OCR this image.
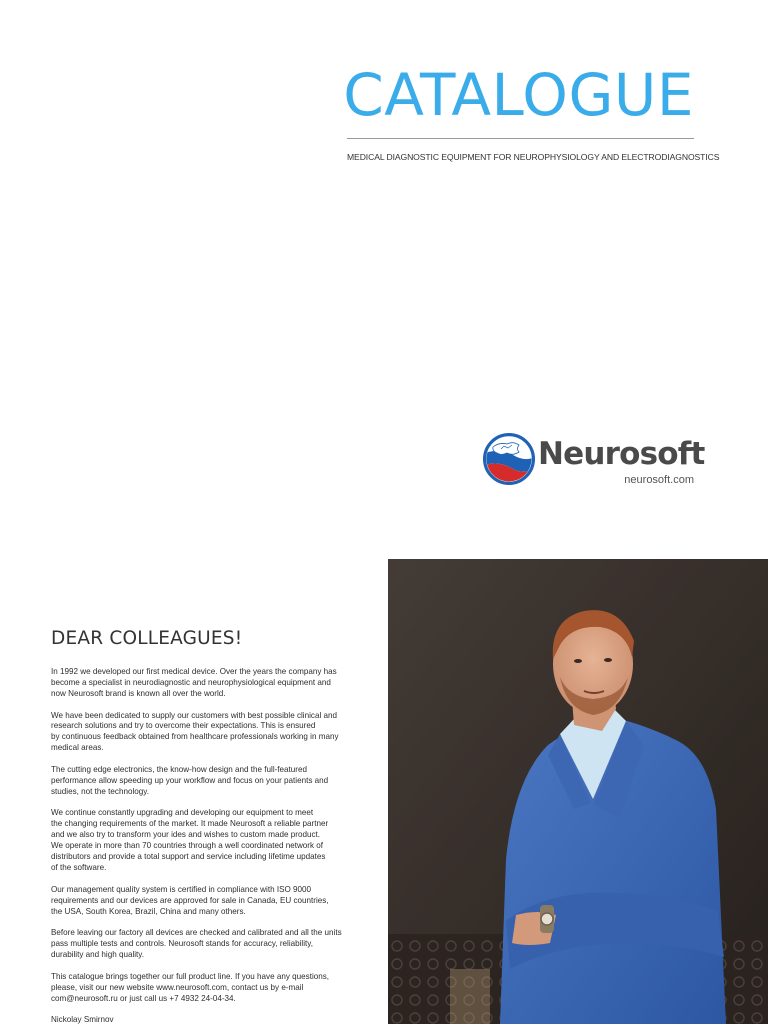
CATALOGUE

MEDICAL DIAGNOSTIC EQUIPMENT FOR NEUROPHYSIOLOGY AND ELECTRODIAGNOSTICS

Neurosoft
neurosoft.com
DEAR COLLEAGUES!

In 1992 we developed our first medical device. Over the years the company has
become a specialist in neurodiagnostic and neurophysiological equipment and
now Neurosoft brand is known all over the world.

We have been dedicated to supply our customers with best possible clinical and
research solutions and try to overcome their expectations. This is ensured
by continuous feedback obtained from healthcare professionals working in many
medical areas.

The cutting edge electronics, the know-how design and the full-featured
performance allow speeding up your workflow and focus on your patients and
studies, not the technology.

We continue constantly upgrading and developing our equipment to meet
the changing requirements of the market. It made Neurosoft a reliable partner
and we also try to transform your ides and wishes to custom made product.
We operate in more than 70 countries through a well coordinated network of
distributors and provide a total support and service including lifetime updates
of the software.

Our management quality system is certified in compliance with ISO 9000
requirements and our devices are approved for sale in Canada, EU countries,
the USA, South Korea, Brazil, China and many others.

Before leaving our factory all devices are checked and calibrated and all the units
pass multiple tests and controls. Neurosoft stands for accuracy, reliability,
durability and high quality.

This catalogue brings together our full product line. If you have any questions,
please, visit our new website www.neurosoft.com, contact us by e-mail
com@neurosoft.ru or just call us +7 4932 24-04-34.

Nickolay Smirnov
